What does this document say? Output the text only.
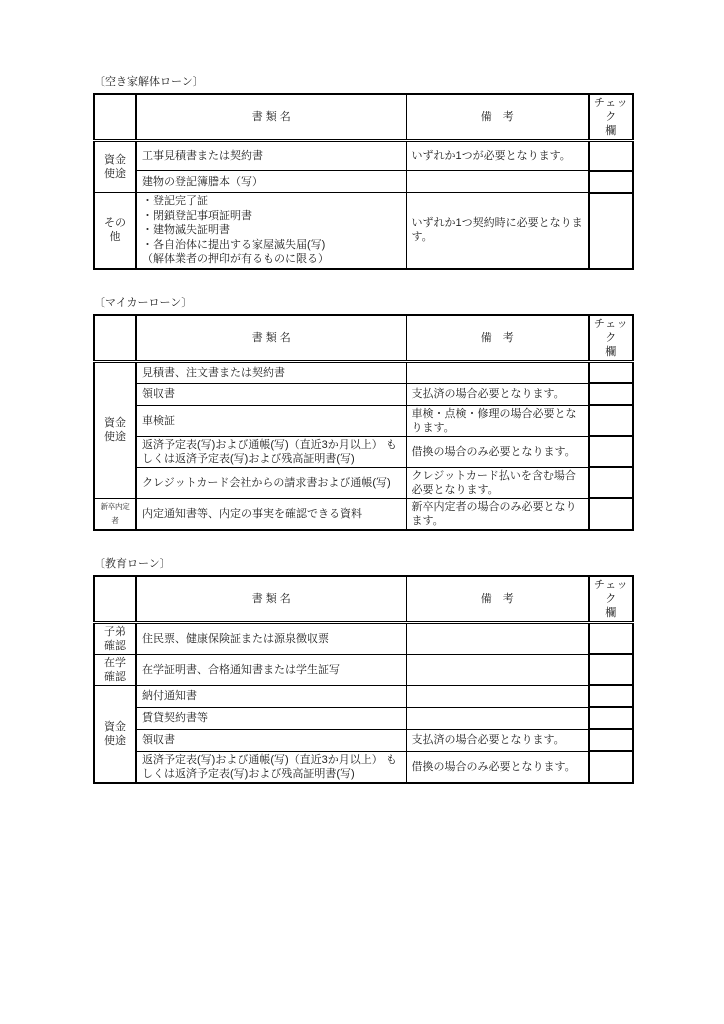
〔空き家解体ローン〕
	書 類 名	備　考	チェック
欄

資金使途	工事見積書または契約書	いずれか1つが必要となります。	
	建物の登記簿謄本（写）		
その他	・登記完了証
・閉鎖登記事項証明書
・建物滅失証明書
・各自治体に提出する家屋滅失届(写)
（解体業者の押印が有るものに限る）	いずれか1つ契約時に必要となります。	
〔マイカーローン〕
	書 類 名	備　考	チェック
欄

資金使途	見積書、注文書または契約書		
	領収書	支払済の場合必要となります。	
	車検証	車検・点検・修理の場合必要となります。	
	返済予定表(写)および通帳(写)（直近3か月以上） もしくは返済予定表(写)および残高証明書(写)	借換の場合のみ必要となります。	
	クレジットカード会社からの請求書および通帳(写)	クレジットカード払いを含む場合必要となります。	
新卒内定者	内定通知書等、内定の事実を確認できる資料	新卒内定者の場合のみ必要となります。	
〔教育ローン〕
	書 類 名	備　考	チェック
欄

子弟確認	住民票、健康保険証または源泉徴収票		
在学確認	在学証明書、合格通知書または学生証写		
資金使途	納付通知書		
	賃貸契約書等		
	領収書	支払済の場合必要となります。	
	返済予定表(写)および通帳(写)（直近3か月以上） もしくは返済予定表(写)および残高証明書(写)	借換の場合のみ必要となります。	
